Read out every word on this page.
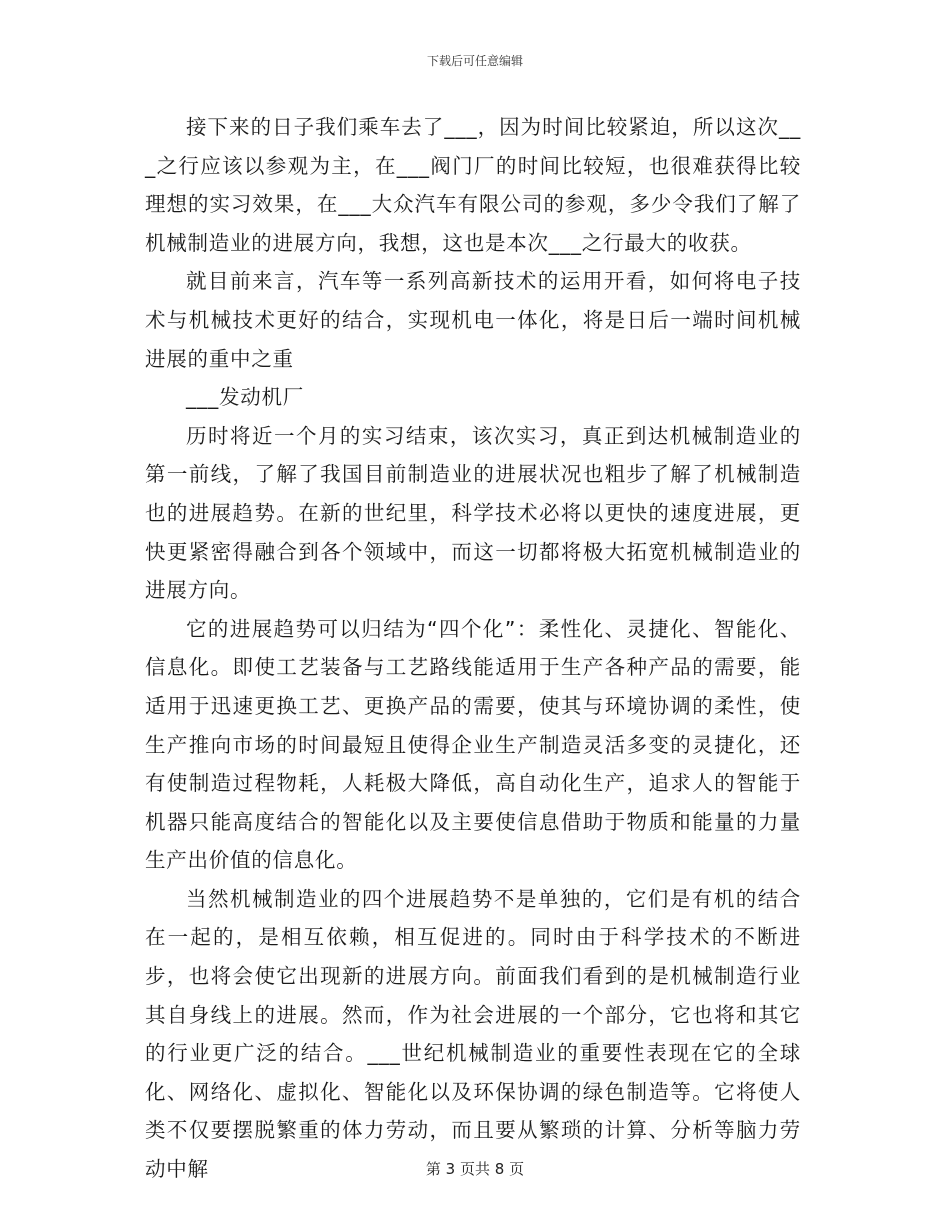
下载后可任意编辑

接下来的日子我们乘车去了___，因为时间比较紧迫，所以这次___之行应该以参观为主，在___阀门厂的时间比较短，也很难获得比较理想的实习效果，在___大众汽车有限公司的参观，多少令我们了解了机械制造业的进展方向，我想，这也是本次___之行最大的收获。

就目前来言，汽车等一系列高新技术的运用开看，如何将电子技术与机械技术更好的结合，实现机电一体化，将是日后一端时间机械进展的重中之重

___发动机厂

历时将近一个月的实习结束，该次实习，真正到达机械制造业的第一前线，了解了我国目前制造业的进展状况也粗步了解了机械制造也的进展趋势。在新的世纪里，科学技术必将以更快的速度进展，更快更紧密得融合到各个领域中，而这一切都将极大拓宽机械制造业的进展方向。

它的进展趋势可以归结为“四个化”：柔性化、灵捷化、智能化、信息化。即使工艺装备与工艺路线能适用于生产各种产品的需要，能适用于迅速更换工艺、更换产品的需要，使其与环境协调的柔性，使生产推向市场的时间最短且使得企业生产制造灵活多变的灵捷化，还有使制造过程物耗，人耗极大降低，高自动化生产，追求人的智能于机器只能高度结合的智能化以及主要使信息借助于物质和能量的力量生产出价值的信息化。

当然机械制造业的四个进展趋势不是单独的，它们是有机的结合在一起的，是相互依赖，相互促进的。同时由于科学技术的不断进步，也将会使它出现新的进展方向。前面我们看到的是机械制造行业其自身线上的进展。然而，作为社会进展的一个部分，它也将和其它的行业更广泛的结合。___世纪机械制造业的重要性表现在它的全球化、网络化、虚拟化、智能化以及环保协调的绿色制造等。它将使人类不仅要摆脱繁重的体力劳动，而且要从繁琐的计算、分析等脑力劳动中解	第 3 页共 8 页
